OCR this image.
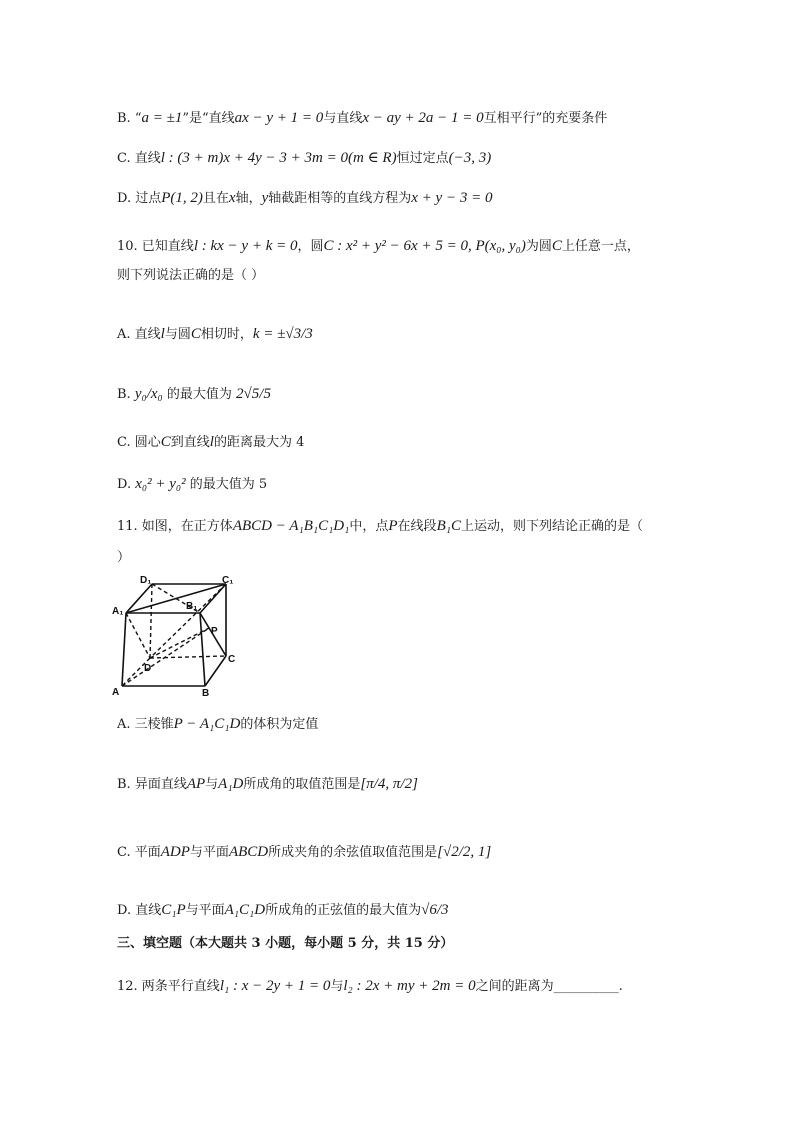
B. “a = ±1”是“直线ax − y + 1 = 0与直线x − ay + 2a − 1 = 0互相平行”的充要条件
C. 直线l : (3 + m)x + 4y − 3 + 3m = 0(m ∈ R)恒过定点(−3, 3)
D. 过点P(1, 2)且在x轴，y轴截距相等的直线方程为x + y − 3 = 0
10. 已知直线l : kx − y + k = 0，圆C : x² + y² − 6x + 5 = 0, P(x₀, y₀)为圆C上任意一点，
则下列说法正确的是（ ）
A. 直线l与圆C相切时，k = ±√3/3
B. y₀/x₀ 的最大值为 2√5/5
C. 圆心C到直线l的距离最大为 4
D. x₀² + y₀² 的最大值为 5
11. 如图，在正方体ABCD − A₁B₁C₁D₁中，点P在线段B₁C上运动，则下列结论正确的是（
）
D₁	C₁
A₁	B₁
P
D
C
A	B
A. 三棱锥P − A₁C₁D的体积为定值
B. 异面直线AP与A₁D所成角的取值范围是[π/4, π/2]
C. 平面ADP与平面ABCD所成夹角的余弦值取值范围是[√2/2, 1]
D. 直线C₁P与平面A₁C₁D所成角的正弦值的最大值为√6/3
三、填空题（本大题共 3 小题，每小题 5 分，共 15 分）
12. 两条平行直线l₁ : x − 2y + 1 = 0与l₂ : 2x + my + 2m = 0之间的距离为__________.
